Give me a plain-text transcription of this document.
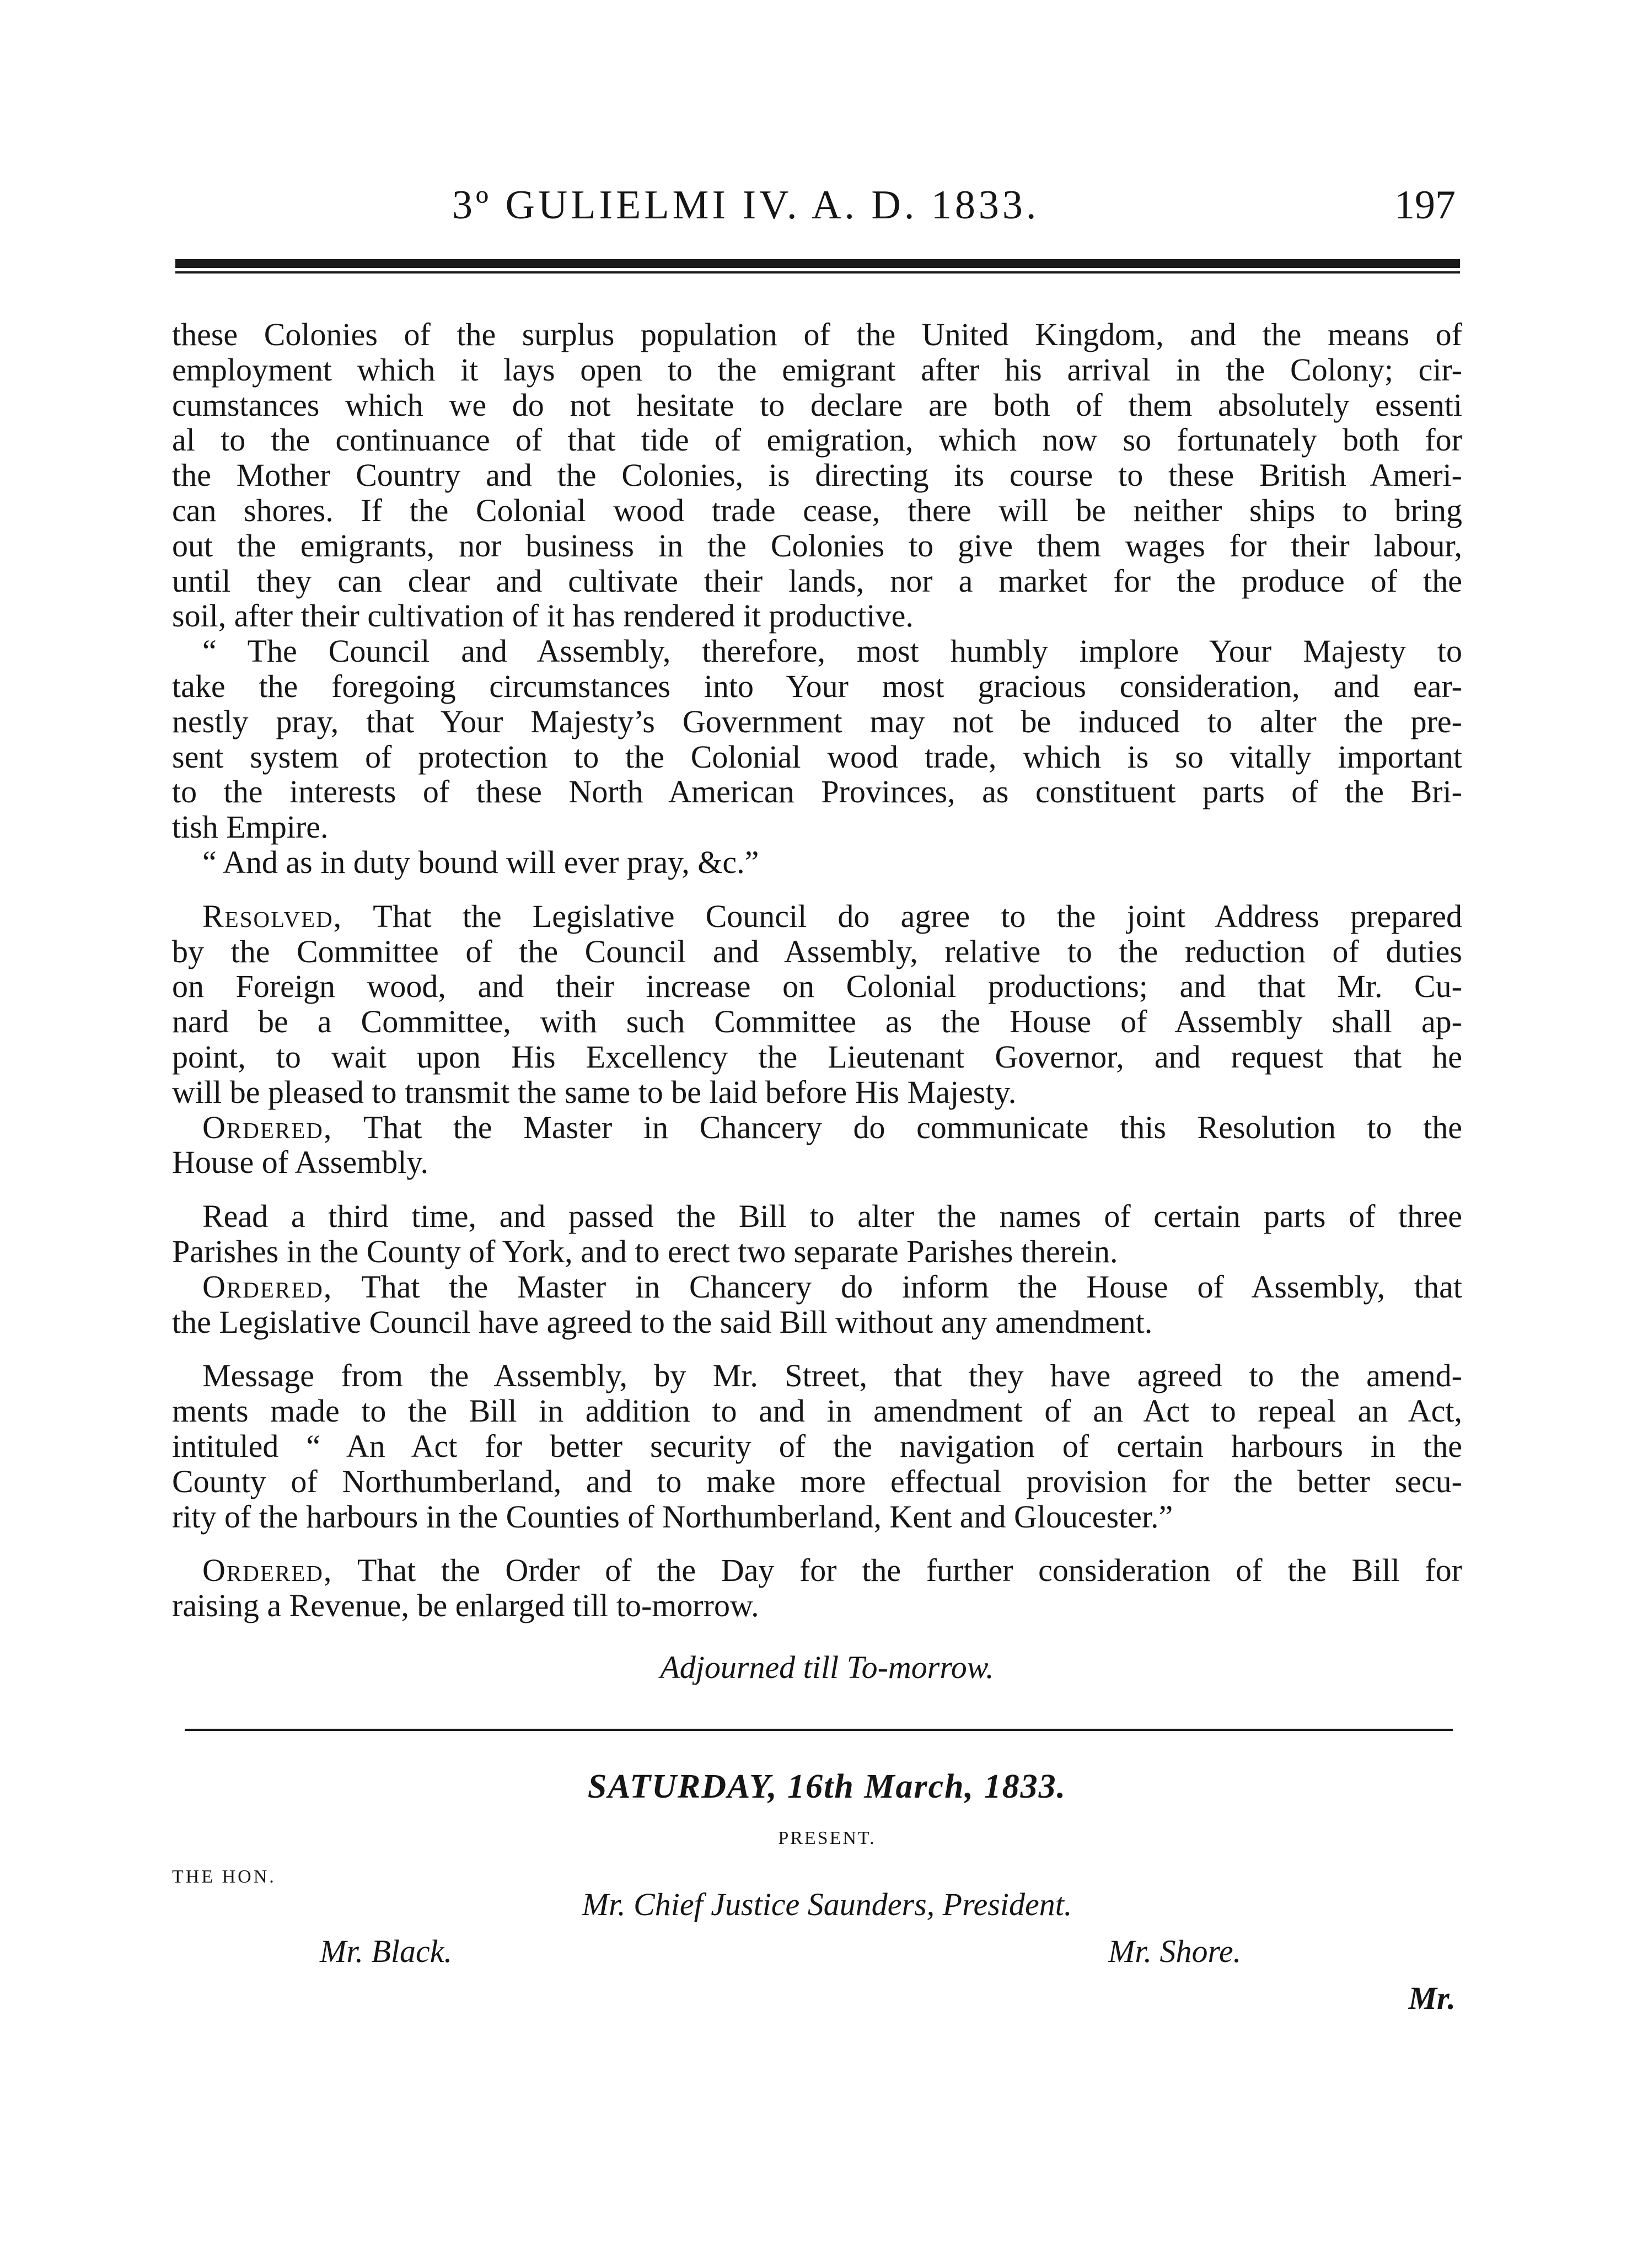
3º GULIELMI IV. A. D. 1833.	197
these Colonies of the surplus population of the United Kingdom, and the means of
employment which it lays open to the emigrant after his arrival in the Colony; cir-
cumstances which we do not hesitate to declare are both of them absolutely essenti
al to the continuance of that tide of emigration, which now so fortunately both for
the Mother Country and the Colonies, is directing its course to these British Ameri-
can shores. If the Colonial wood trade cease, there will be neither ships to bring
out the emigrants, nor business in the Colonies to give them wages for their labour,
until they can clear and cultivate their lands, nor a market for the produce of the
soil, after their cultivation of it has rendered it productive.
“ The Council and Assembly, therefore, most humbly implore Your Majesty to
take the foregoing circumstances into Your most gracious consideration, and ear-
nestly pray, that Your Majesty’s Government may not be induced to alter the pre-
sent system of protection to the Colonial wood trade, which is so vitally important
to the interests of these North American Provinces, as constituent parts of the Bri-
tish Empire.
“ And as in duty bound will ever pray, &c.”
Resolved, That the Legislative Council do agree to the joint Address prepared
by the Committee of the Council and Assembly, relative to the reduction of duties
on Foreign wood, and their increase on Colonial productions; and that Mr. Cu-
nard be a Committee, with such Committee as the House of Assembly shall ap-
point, to wait upon His Excellency the Lieutenant Governor, and request that he
will be pleased to transmit the same to be laid before His Majesty.
Ordered, That the Master in Chancery do communicate this Resolution to the
House of Assembly.
Read a third time, and passed the Bill to alter the names of certain parts of three
Parishes in the County of York, and to erect two separate Parishes therein.
Ordered, That the Master in Chancery do inform the House of Assembly, that
the Legislative Council have agreed to the said Bill without any amendment.
Message from the Assembly, by Mr. Street, that they have agreed to the amend-
ments made to the Bill in addition to and in amendment of an Act to repeal an Act,
intituled “ An Act for better security of the navigation of certain harbours in the
County of Northumberland, and to make more effectual provision for the better secu-
rity of the harbours in the Counties of Northumberland, Kent and Gloucester.”
Ordered, That the Order of the Day for the further consideration of the Bill for
raising a Revenue, be enlarged till to-morrow.
Adjourned till To-morrow.
SATURDAY, 16th March, 1833.
PRESENT.
THE HON.
Mr. Chief Justice Saunders, President.
Mr. Black.	Mr. Shore.
Mr.
